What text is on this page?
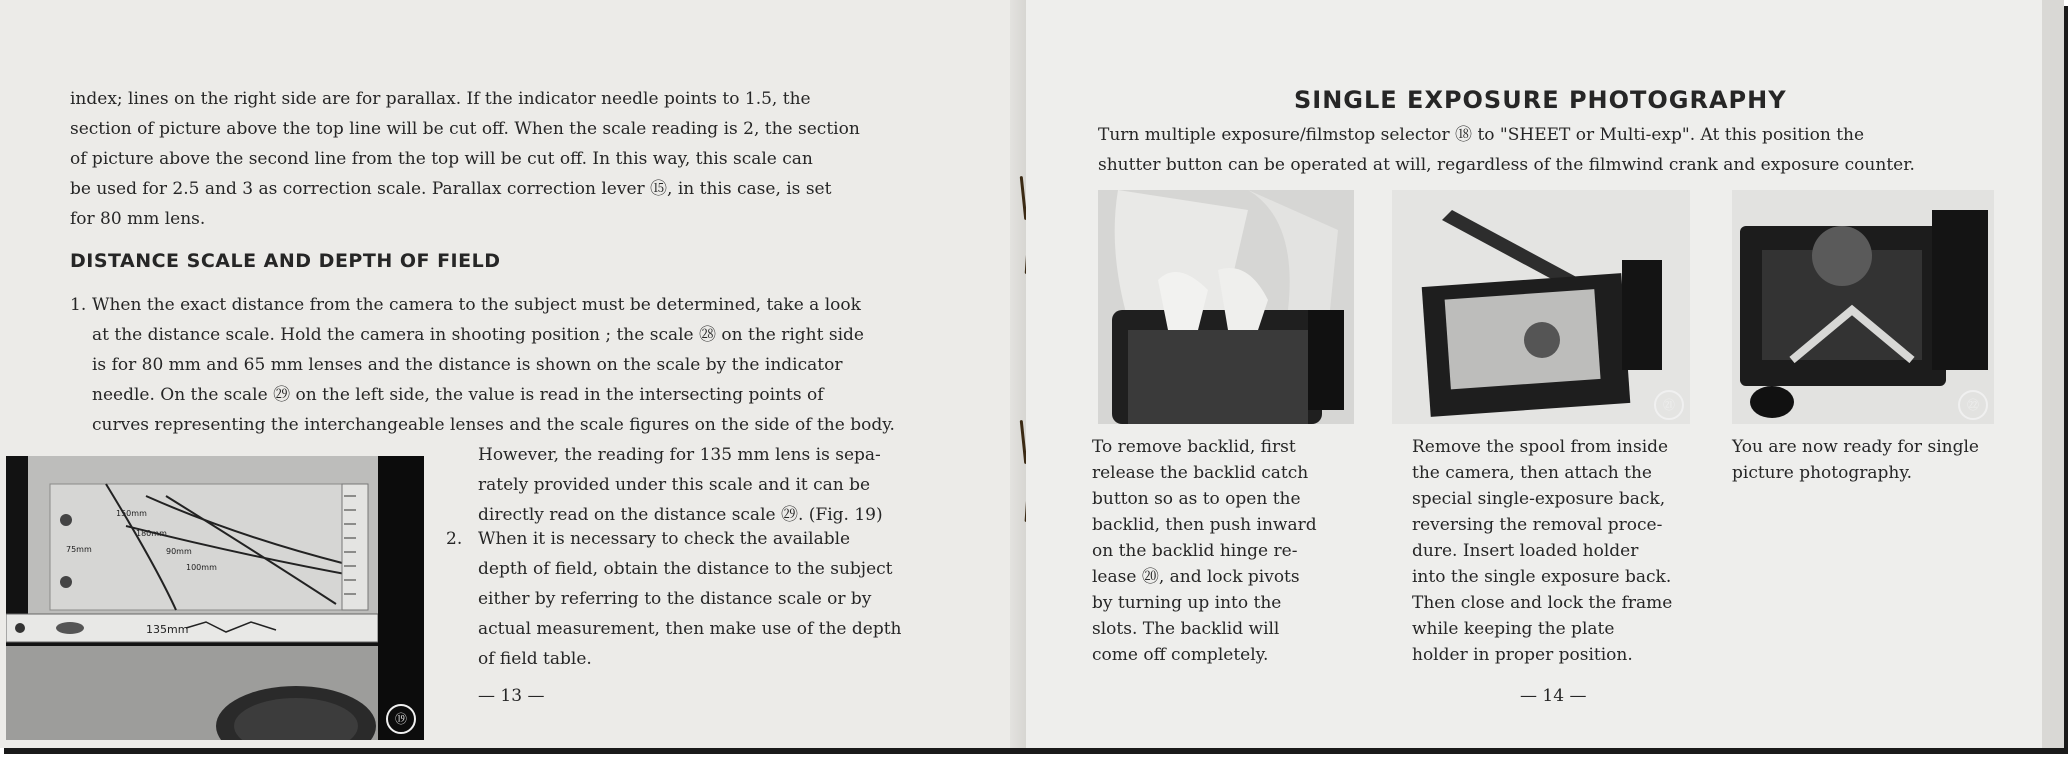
index; lines on the right side are for parallax. If the indicator needle points to 1.5, the
section of picture above the top line will be cut off. When the scale reading is 2, the section
of picture above the second line from the top will be cut off. In this way, this scale can
be used for 2.5 and 3 as correction scale. Parallax correction lever ⑮, in this case, is set
for 80 mm lens.

DISTANCE SCALE AND DEPTH OF FIELD
1. When the exact distance from the camera to the subject must be determined, take a look
at the distance scale. Hold the camera in shooting position ; the scale ㉘ on the right side
is for 80 mm and 65 mm lenses and the distance is shown on the scale by the indicator
needle. On the scale ㉙ on the left side, the value is read in the intersecting points of
curves representing the interchangeable lenses and the scale figures on the side of the body.
However, the reading for 135 mm lens is sepa-
rately provided under this scale and it can be
directly read on the distance scale ㉙. (Fig. 19)
2. When it is necessary to check the available
depth of field, obtain the distance to the subject
either by referring to the distance scale or by
actual measurement, then make use of the depth
of field table.
— 13 —
150mm
180mm
90mm
75mm
100mm
135mm
⑲
SINGLE EXPOSURE PHOTOGRAPHY

Turn multiple exposure/filmstop selector ⑱ to "SHEET or Multi-exp". At this position the
shutter button can be operated at will, regardless of the filmwind crank and exposure counter.

㉑	㉒
To remove backlid, first
release the backlid catch
button so as to open the
backlid, then push inward
on the backlid hinge re-
lease ⑳, and lock pivots
by turning up into the
slots. The backlid will
come off completely.
Remove the spool from inside
the camera, then attach the
special single-exposure back,
reversing the removal proce-
dure. Insert loaded holder
into the single exposure back.
Then close and lock the frame
while keeping the plate
holder in proper position.
You are now ready for single
picture photography.
— 14 —
